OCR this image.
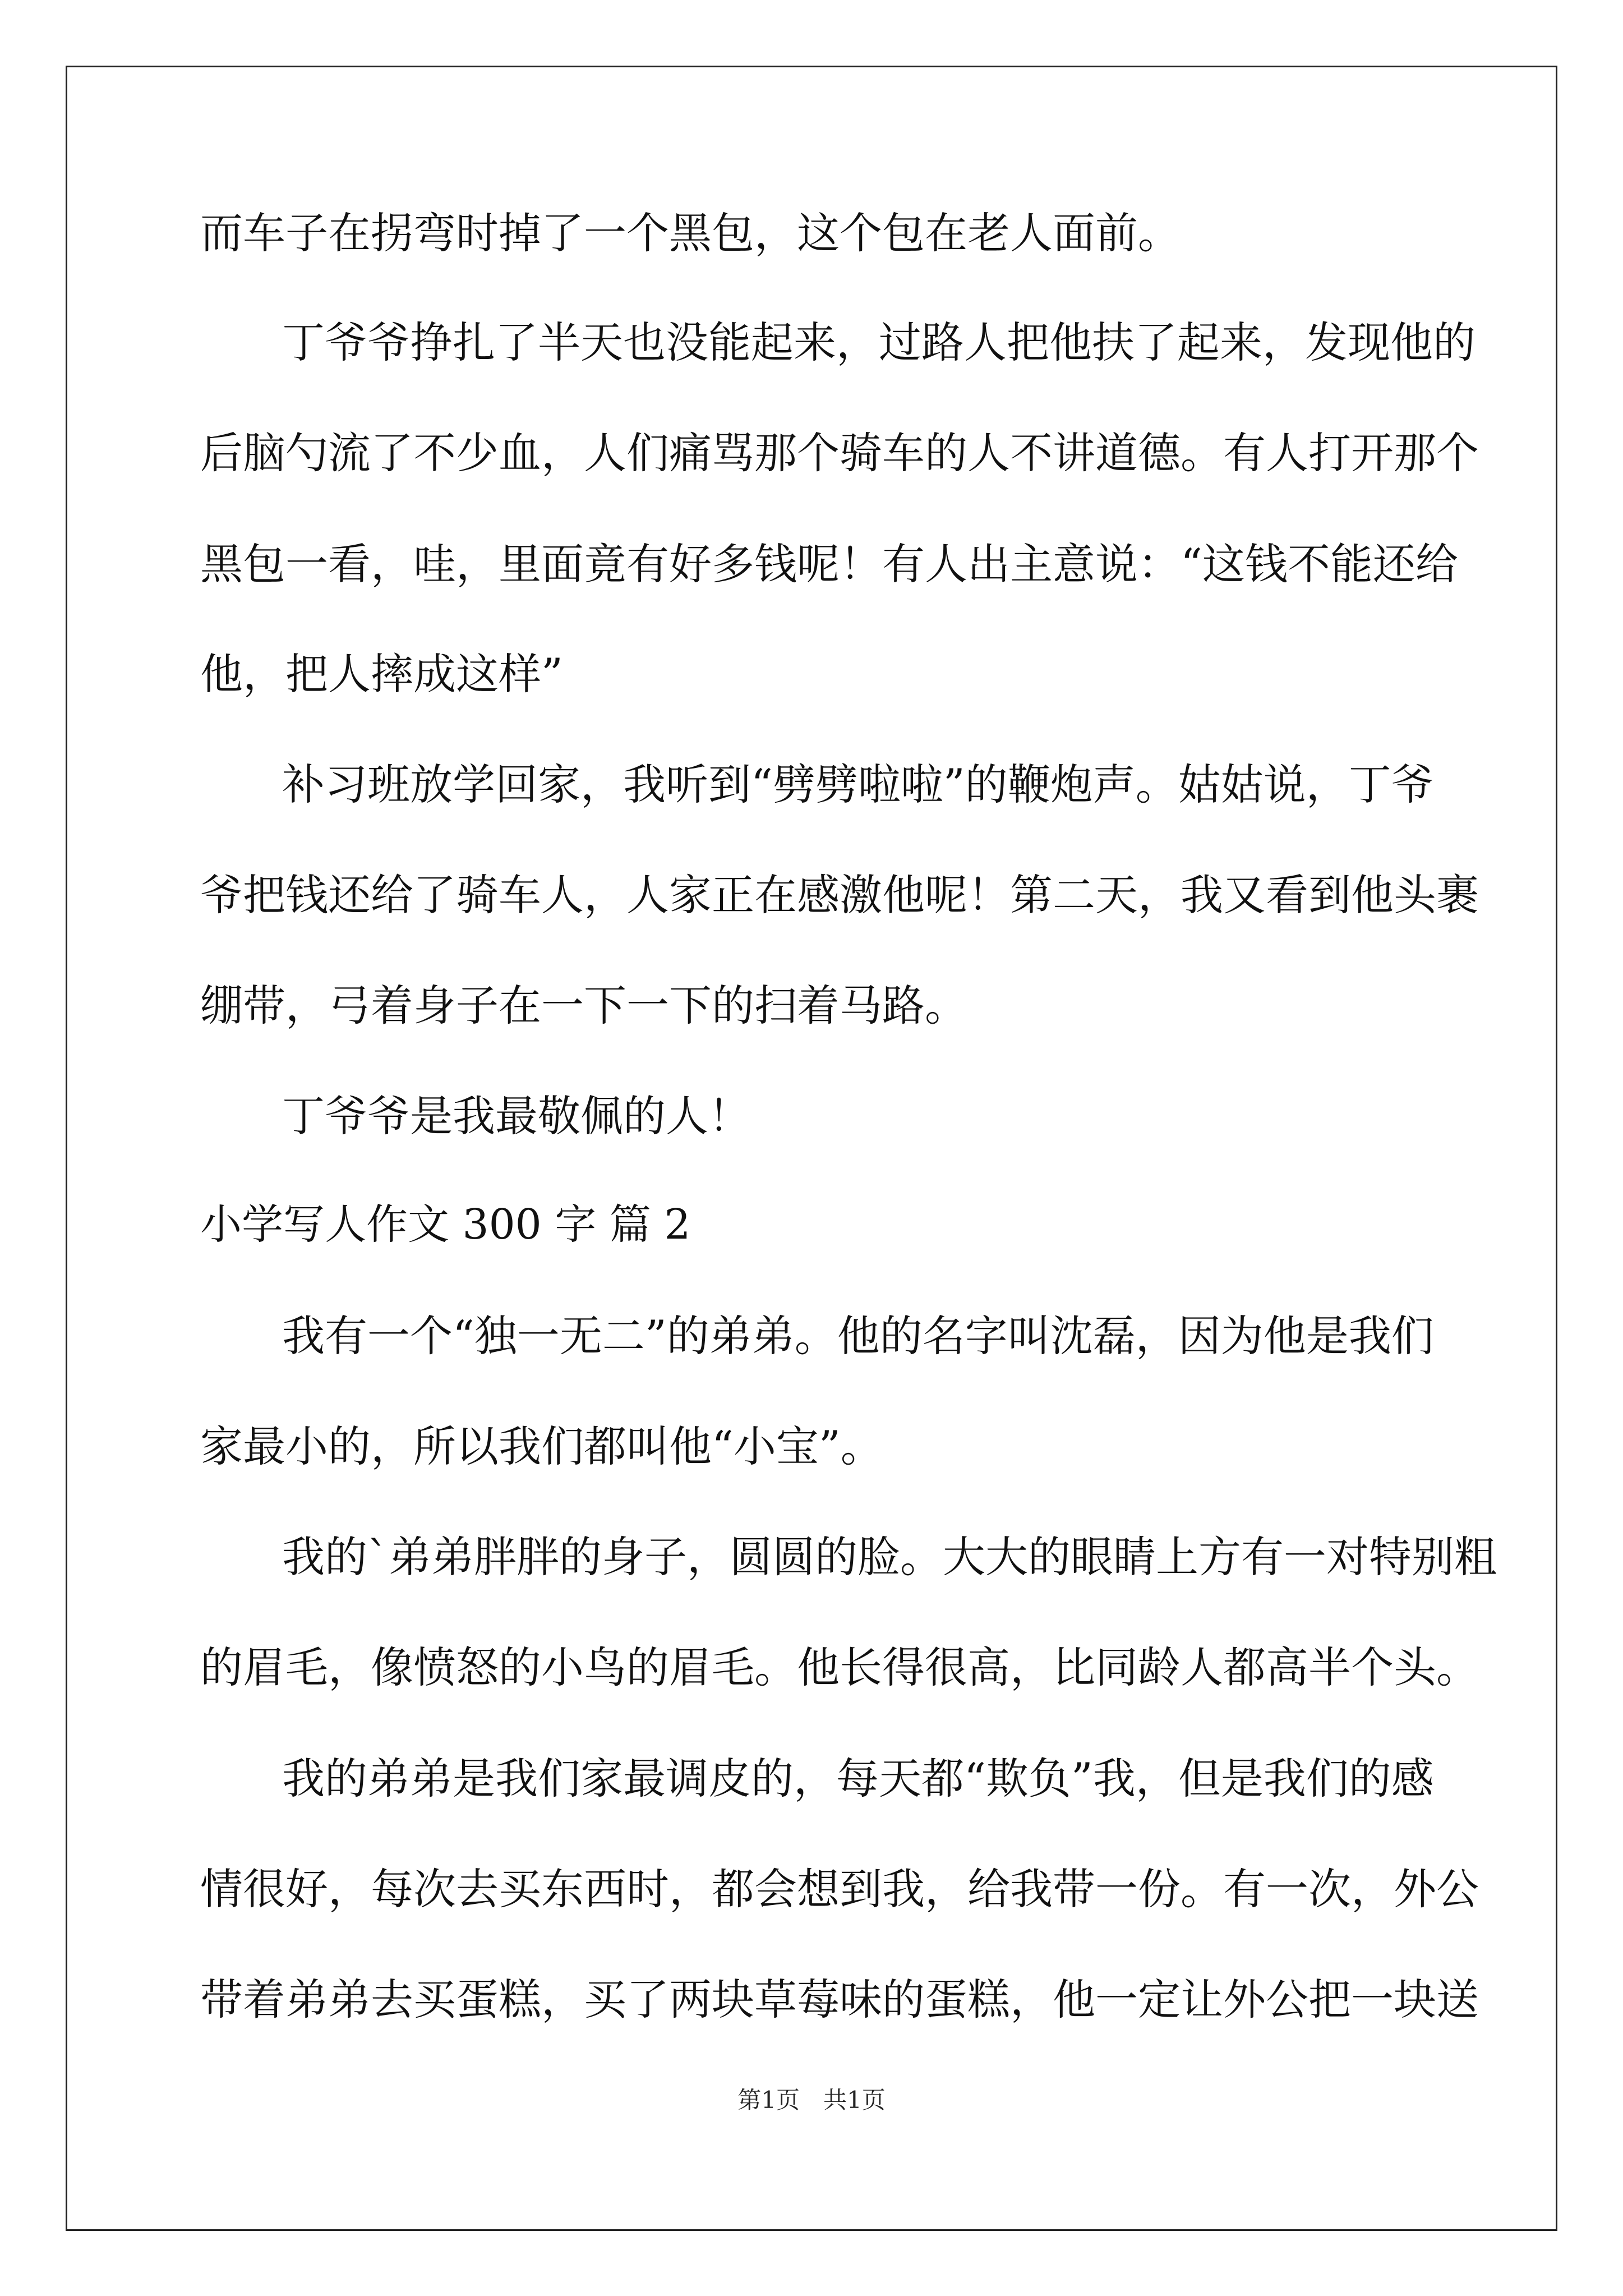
而车子在拐弯时掉了一个黑包，这个包在老人面前。
丁爷爷挣扎了半天也没能起来，过路人把他扶了起来，发现他的
后脑勺流了不少血，人们痛骂那个骑车的人不讲道德。有人打开那个
黑包一看，哇，里面竟有好多钱呢！有人出主意说：“这钱不能还给
他，把人摔成这样”
补习班放学回家，我听到“劈劈啦啦”的鞭炮声。姑姑说，丁爷
爷把钱还给了骑车人，人家正在感激他呢！第二天，我又看到他头裹
绷带，弓着身子在一下一下的扫着马路。
丁爷爷是我最敬佩的人！
小学写人作文 300 字 篇 2
我有一个“独一无二”的弟弟。他的名字叫沈磊，因为他是我们
家最小的，所以我们都叫他“小宝”。
我的`弟弟胖胖的身子，圆圆的脸。大大的眼睛上方有一对特别粗
的眉毛，像愤怒的小鸟的眉毛。他长得很高，比同龄人都高半个头。
我的弟弟是我们家最调皮的，每天都“欺负”我，但是我们的感
情很好，每次去买东西时，都会想到我，给我带一份。有一次，外公
带着弟弟去买蛋糕，买了两块草莓味的蛋糕，他一定让外公把一块送
第1页　共1页
